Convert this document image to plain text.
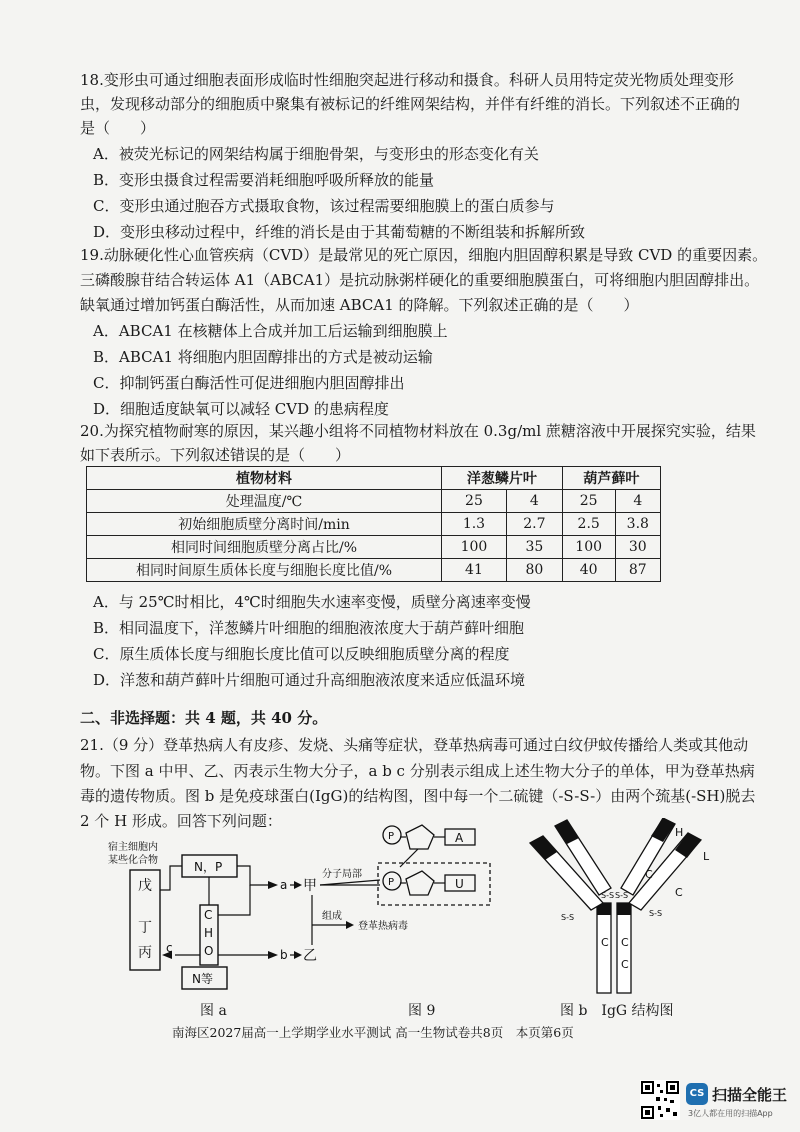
18.变形虫可通过细胞表面形成临时性细胞突起进行移动和摄食。科研人员用特定荧光物质处理变形
虫，发现移动部分的细胞质中聚集有被标记的纤维网架结构，并伴有纤维的消长。下列叙述不正确的
是（　　）
A．被荧光标记的网架结构属于细胞骨架，与变形虫的形态变化有关
B．变形虫摄食过程需要消耗细胞呼吸所释放的能量
C．变形虫通过胞吞方式摄取食物，该过程需要细胞膜上的蛋白质参与
D．变形虫移动过程中，纤维的消长是由于其葡萄糖的不断组装和拆解所致
19.动脉硬化性心血管疾病（CVD）是最常见的死亡原因，细胞内胆固醇积累是导致 CVD 的重要因素。
三磷酸腺苷结合转运体 A1（ABCA1）是抗动脉粥样硬化的重要细胞膜蛋白，可将细胞内胆固醇排出。
缺氧通过增加钙蛋白酶活性，从而加速 ABCA1 的降解。下列叙述正确的是（　　）
A．ABCA1 在核糖体上合成并加工后运输到细胞膜上
B．ABCA1 将细胞内胆固醇排出的方式是被动运输
C．抑制钙蛋白酶活性可促进细胞内胆固醇排出
D．细胞适度缺氧可以减轻 CVD 的患病程度
20.为探究植物耐寒的原因，某兴趣小组将不同植物材料放在 0.3g/ml 蔗糖溶液中开展探究实验，结果
如下表所示。下列叙述错误的是（　　）
植物材料	洋葱鳞片叶		葫芦藓叶	
处理温度/℃	25	4	25	4
初始细胞质壁分离时间/min	1.3	2.7	2.5	3.8
相同时间细胞质壁分离占比/%	100	35	100	30
相同时间原生质体长度与细胞长度比值/%	41	80	40	87
A．与 25℃时相比，4℃时细胞失水速率变慢，质壁分离速率变慢
B．相同温度下，洋葱鳞片叶细胞的细胞液浓度大于葫芦藓叶细胞
C．原生质体长度与细胞长度比值可以反映细胞质壁分离的程度
D．洋葱和葫芦藓叶片细胞可通过升高细胞液浓度来适应低温环境
二、非选择题：共 4 题，共 40 分。
21.（9 分）登革热病人有皮疹、发烧、头痛等症状，登革热病毒可通过白纹伊蚊传播给人类或其他动
物。下图 a 中甲、乙、丙表示生物大分子，a b c 分别表示组成上述生物大分子的单体，甲为登革热病
毒的遗传物质。图 b 是免疫球蛋白(IgG)的结构图，图中每一个二硫键（-S-S-）由两个巯基(-SH)脱去
2 个 H 形成。回答下列问题：
宿主细胞内
某些化合物
戊
丁
丙
N，P
C
H
O
N等
c
a
b
甲
乙
分子局部
组成
登革热病毒
P	A
P	U
H
L
C C
C
C
C
S-S S-S
S-S	S-S
图 a	图 9	图 b　IgG 结构图
南海区2027届高一上学期学业水平测试 高一生物试卷共8页　本页第6页
CS 扫描全能王
3亿人都在用的扫描App
